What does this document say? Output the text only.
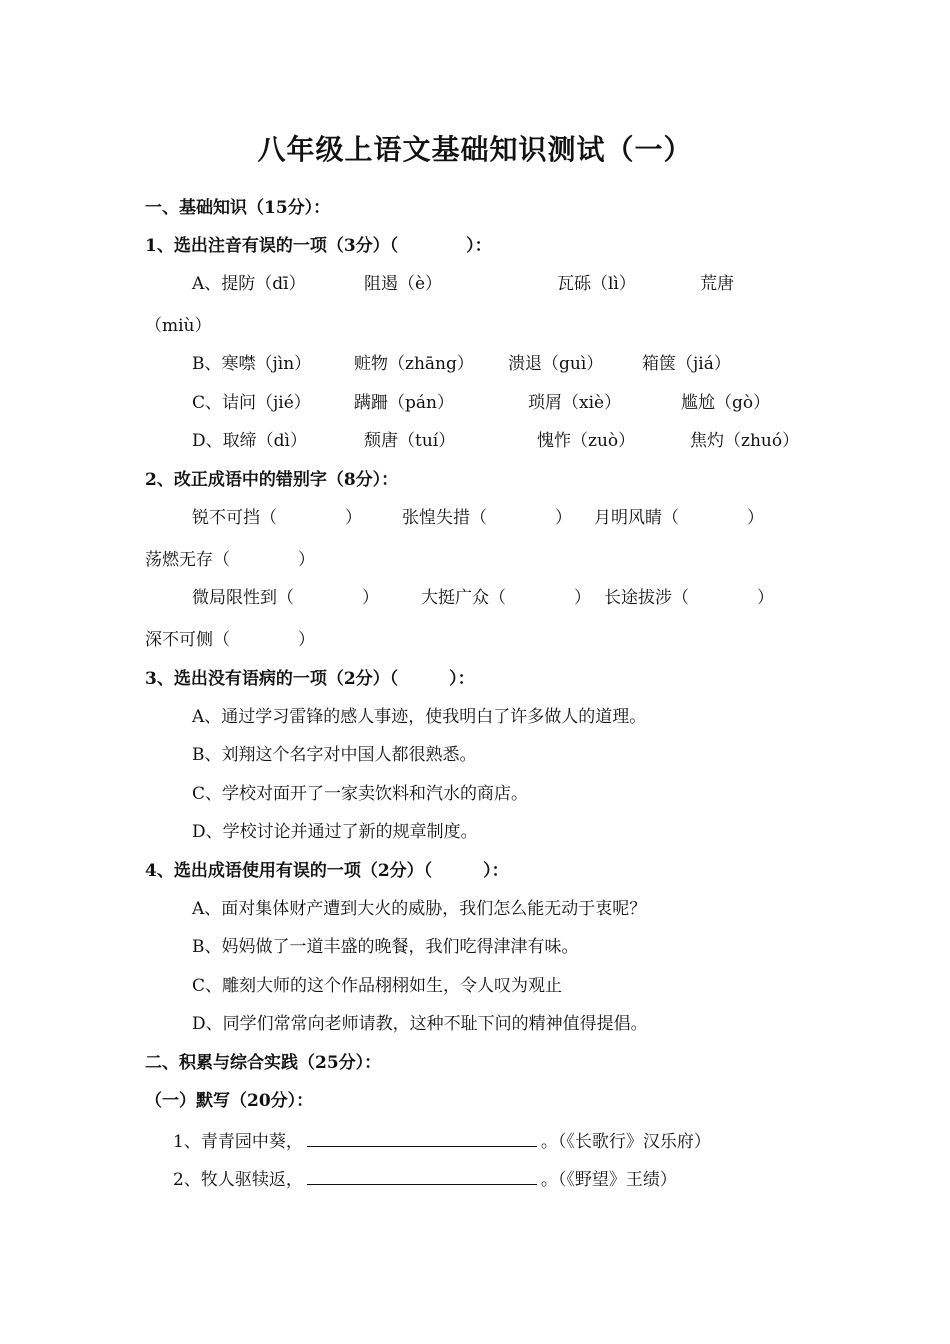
八年级上语文基础知识测试（一）
一、基础知识（15分）：
1、选出注音有误的一项（3分）（　　　　）：
A、提防（dī）	阻遏（è）	瓦砾（lì）	荒唐
（miù）
B、寒噤（jìn）	赃物（zhāng） 溃退（guì） 箱箧（jiá）
C、诘问（jié）	蹒跚（pán）	琐屑（xiè）	尴尬（gò）
D、取缔（dì）	颓唐（tuí）	愧怍（zuò）	焦灼（zhuó）
2、改正成语中的错别字（8分）：
锐不可挡（　　　　） 张惶失措（　　　　） 月明风睛（　　　　）
荡燃无存（　　　　）
微局限性到（　　　　） 大挺广众（　　　　） 长途拔涉（　　　　）
深不可侧（　　　　）
3、选出没有语病的一项（2分）（　　　）：
A、通过学习雷锋的感人事迹，使我明白了许多做人的道理。
B、刘翔这个名字对中国人都很熟悉。
C、学校对面开了一家卖饮料和汽水的商店。
D、学校讨论并通过了新的规章制度。
4、选出成语使用有误的一项（2分）（　　　）：
A、面对集体财产遭到大火的威胁，我们怎么能无动于衷呢？
B、妈妈做了一道丰盛的晚餐，我们吃得津津有味。
C、雕刻大师的这个作品栩栩如生，令人叹为观止
D、同学们常常向老师请教，这种不耻下问的精神值得提倡。
二、积累与综合实践（25分）：
（一）默写（20分）：
1、青青园中葵，	。（《长歌行》汉乐府）
2、牧人驱犊返，	。（《野望》王绩）
